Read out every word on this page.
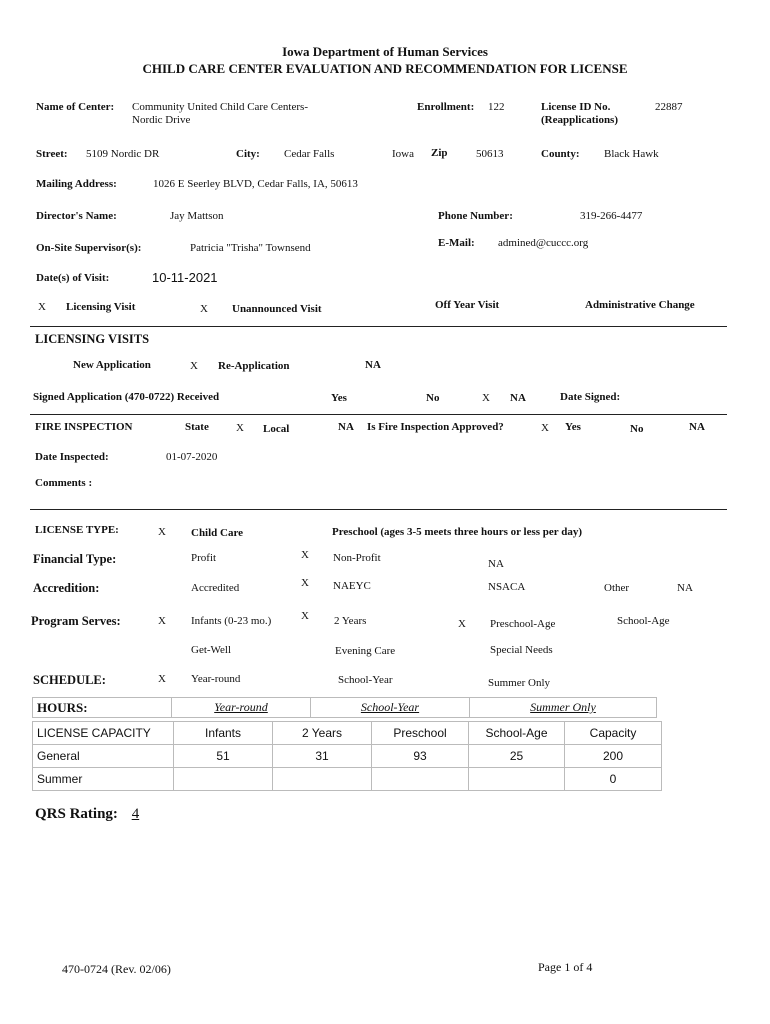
Iowa Department of Human Services
CHILD CARE CENTER EVALUATION AND RECOMMENDATION FOR LICENSE
Name of Center: Community United Child Care Centers-
Nordic Drive
Enrollment: 122	License ID No.
(Reapplications)
22887
Street: 5109 Nordic DR	City: Cedar Falls	Iowa Zip	50613	County: Black Hawk
Mailing Address:	1026 E Seerley BLVD, Cedar Falls, IA, 50613
Director's Name:	Jay Mattson	Phone Number:	319-266-4477
On-Site Supervisor(s):	Patricia "Trisha" Townsend	E-Mail: admined@cuccc.org
Date(s) of Visit:	10-11-2021
X Licensing Visit	X Unannounced Visit	Off Year Visit	Administrative Change
LICENSING VISITS
New Application	X Re-Application	NA
Signed Application (470-0722) Received	Yes	No	X NA	Date Signed:
FIRE INSPECTION	State X Local	NA Is Fire Inspection Approved?	X Yes	No	NA
Date Inspected:	01-07-2020
Comments :
LICENSE TYPE:	X Child Care	Preschool (ages 3-5 meets three hours or less per day)
Financial Type:	Profit	X Non-Profit	NA
Accredition:	Accredited	X NAEYC	NSACA	Other	NA
Program Serves:	X Infants (0-23 mo.)	X 2 Years	X Preschool-Age	School-Age
Get-Well	Evening Care	Special Needs
SCHEDULE:	X Year-round	School-Year	Summer Only
HOURS:	Year-round	School-Year	Summer Only
LICENSE CAPACITY	Infants	2 Years	Preschool	School-Age	Capacity
General	51	31	93	25	200
Summer					0
QRS Rating: 4
470-0724 (Rev. 02/06)	Page 1 of 4
